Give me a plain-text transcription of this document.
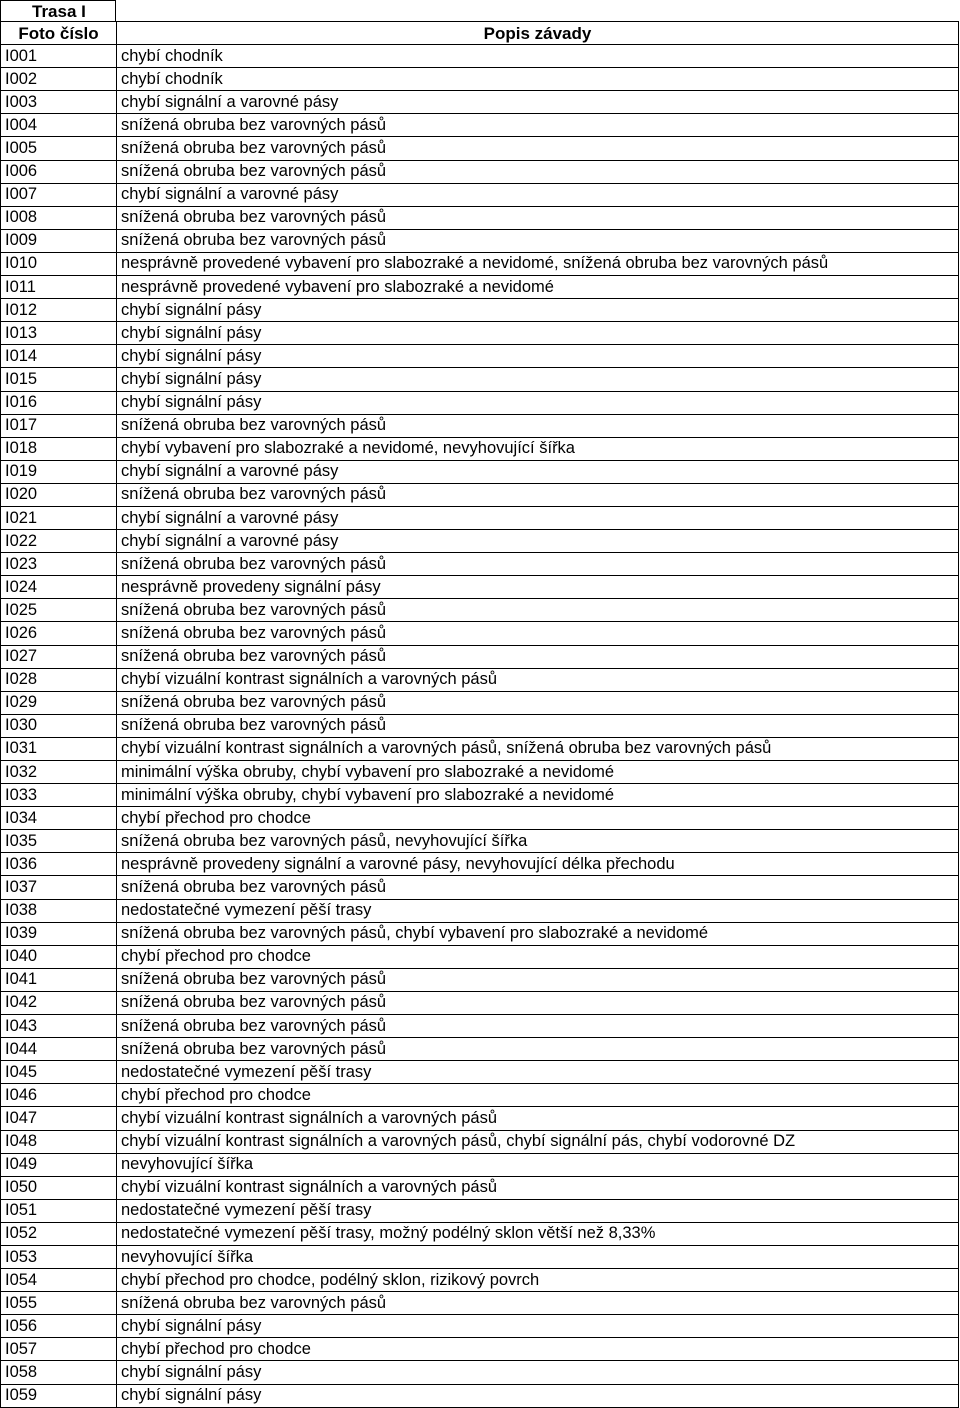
Trasa I
Foto číslo	Popis závady
I001	chybí chodník
I002	chybí chodník
I003	chybí signální a varovné pásy
I004	snížená obruba bez varovných pásů
I005	snížená obruba bez varovných pásů
I006	snížená obruba bez varovných pásů
I007	chybí signální a varovné pásy
I008	snížená obruba bez varovných pásů
I009	snížená obruba bez varovných pásů
I010	nesprávně provedené vybavení pro slabozraké a nevidomé, snížená obruba bez varovných pásů
I011	nesprávně provedené vybavení pro slabozraké a nevidomé
I012	chybí signální pásy
I013	chybí signální pásy
I014	chybí signální pásy
I015	chybí signální pásy
I016	chybí signální pásy
I017	snížená obruba bez varovných pásů
I018	chybí vybavení pro slabozraké a nevidomé, nevyhovující šířka
I019	chybí signální a varovné pásy
I020	snížená obruba bez varovných pásů
I021	chybí signální a varovné pásy
I022	chybí signální a varovné pásy
I023	snížená obruba bez varovných pásů
I024	nesprávně provedeny signální pásy
I025	snížená obruba bez varovných pásů
I026	snížená obruba bez varovných pásů
I027	snížená obruba bez varovných pásů
I028	chybí vizuální kontrast signálních a varovných pásů
I029	snížená obruba bez varovných pásů
I030	snížená obruba bez varovných pásů
I031	chybí vizuální kontrast signálních a varovných pásů, snížená obruba bez varovných pásů
I032	minimální výška obruby, chybí vybavení pro slabozraké a nevidomé
I033	minimální výška obruby, chybí vybavení pro slabozraké a nevidomé
I034	chybí přechod pro chodce
I035	snížená obruba bez varovných pásů, nevyhovující šířka
I036	nesprávně provedeny signální a varovné pásy, nevyhovující délka přechodu
I037	snížená obruba bez varovných pásů
I038	nedostatečné vymezení pěší trasy
I039	snížená obruba bez varovných pásů, chybí vybavení pro slabozraké a nevidomé
I040	chybí přechod pro chodce
I041	snížená obruba bez varovných pásů
I042	snížená obruba bez varovných pásů
I043	snížená obruba bez varovných pásů
I044	snížená obruba bez varovných pásů
I045	nedostatečné vymezení pěší trasy
I046	chybí přechod pro chodce
I047	chybí vizuální kontrast signálních a varovných pásů
I048	chybí vizuální kontrast signálních a varovných pásů, chybí signální pás, chybí vodorovné DZ
I049	nevyhovující šířka
I050	chybí vizuální kontrast signálních a varovných pásů
I051	nedostatečné vymezení pěší trasy
I052	nedostatečné vymezení pěší trasy, možný podélný sklon větší než 8,33%
I053	nevyhovující šířka
I054	chybí přechod pro chodce, podélný sklon, rizikový povrch
I055	snížená obruba bez varovných pásů
I056	chybí signální pásy
I057	chybí přechod pro chodce
I058	chybí signální pásy
I059	chybí signální pásy
